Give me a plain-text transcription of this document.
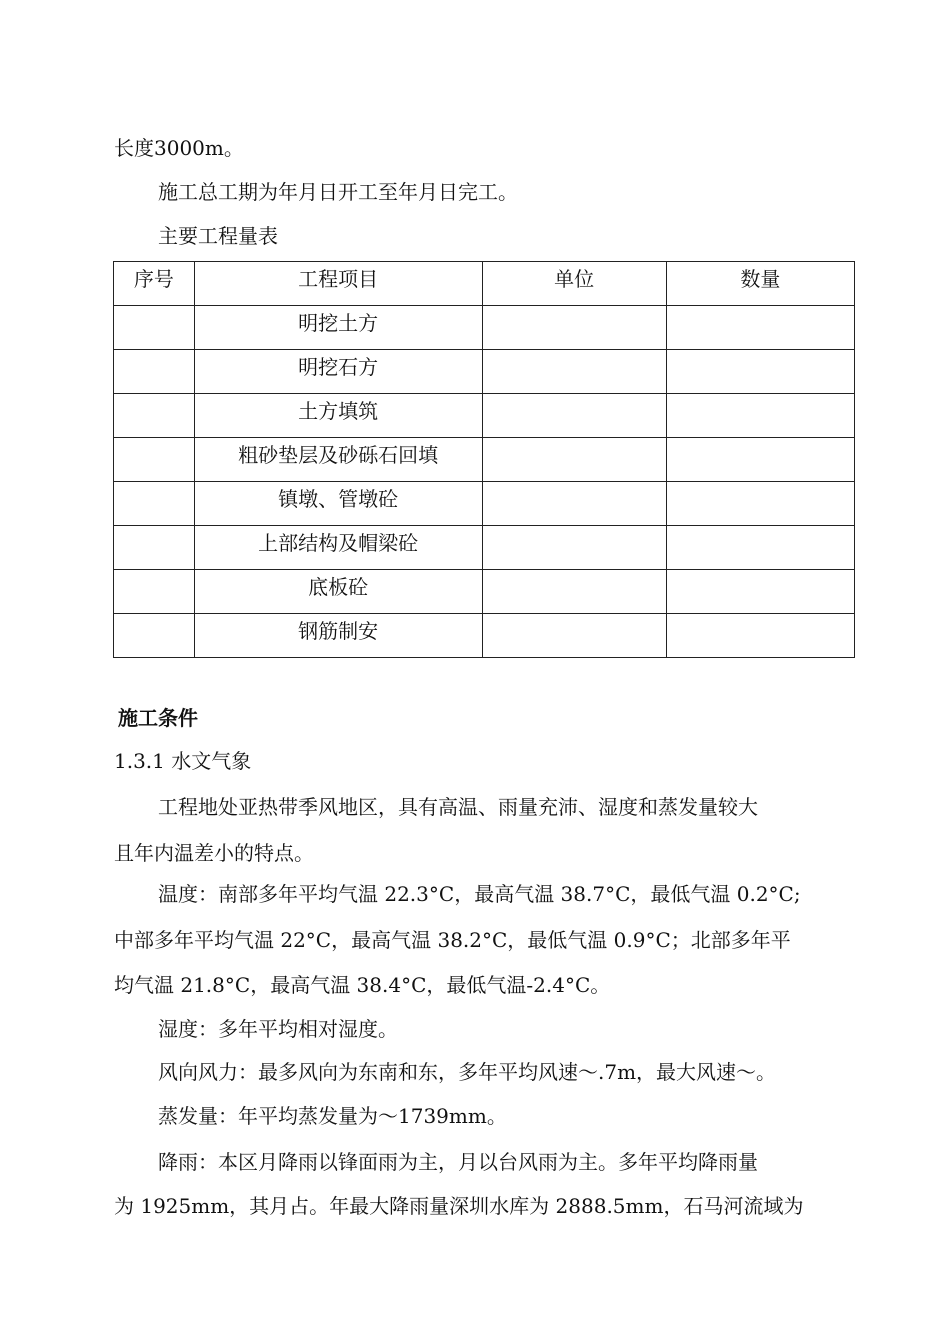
长度3000m。
施工总工期为年月日开工至年月日完工。
主要工程量表
序号	工程项目	单位	数量
	明挖土方		
	明挖石方		
	土方填筑		
	粗砂垫层及砂砾石回填		
	镇墩、管墩砼		
	上部结构及帽梁砼		
	底板砼		
	钢筋制安		
施工条件
1.3.1 水文气象
工程地处亚热带季风地区，具有高温、雨量充沛、湿度和蒸发量较大
且年内温差小的特点。
温度：南部多年平均气温 22.3°C，最高气温 38.7°C，最低气温 0.2°C;
中部多年平均气温 22°C，最高气温 38.2°C，最低气温 0.9°C；北部多年平
均气温 21.8°C，最高气温 38.4°C，最低气温-2.4°C。
湿度：多年平均相对湿度。
风向风力：最多风向为东南和东，多年平均风速～.7m，最大风速～。
蒸发量：年平均蒸发量为～1739mm。
降雨：本区月降雨以锋面雨为主，月以台风雨为主。多年平均降雨量
为 1925mm，其月占。年最大降雨量深圳水库为 2888.5mm，石马河流域为
